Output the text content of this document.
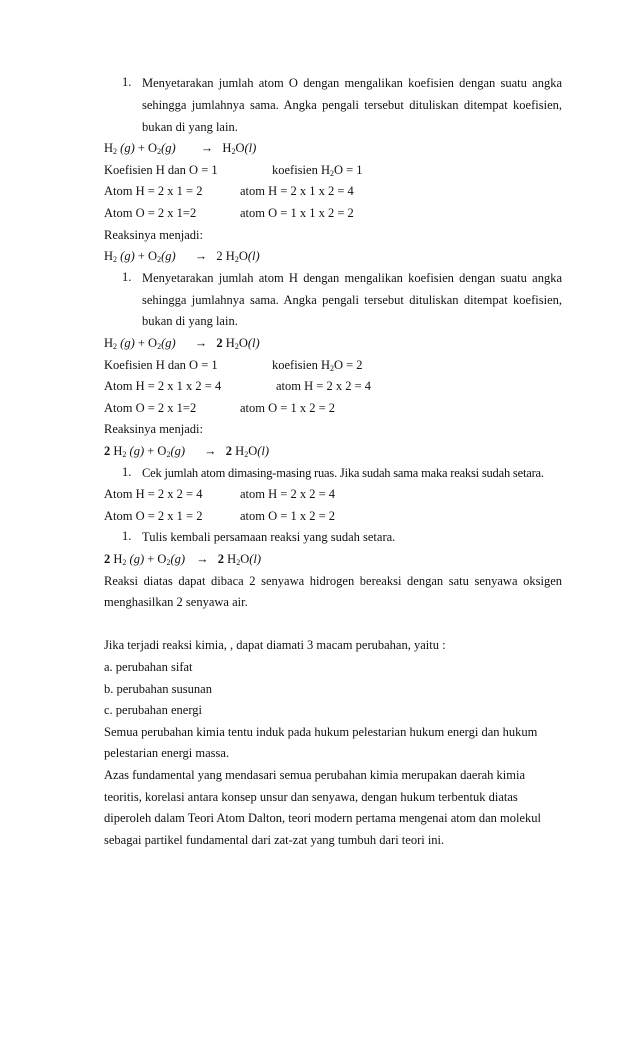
1. Menyetarakan jumlah atom O dengan mengalikan koefisien dengan suatu angka
sehingga jumlahnya sama. Angka pengali tersebut dituliskan ditempat koefisien,
bukan di yang lain.
$H_2$ $(g) + O_2(g) \to H_2O(l)$
Koefisien H dan O = 1	koefisien $H_2O = 1$
Atom H = 2 x 1 = 2	atom H = 2 x 1 x 2 = 4
Atom O = 2 x 1=2	atom O = 1 x 1 x 2 = 2
Reaksinya menjadi:
$H_2$ $(g) + O_2(g) \to 2$ $H_2O(l)$
1. Menyetarakan jumlah atom H dengan mengalikan koefisien dengan suatu angka
sehingga jumlahnya sama. Angka pengali tersebut dituliskan ditempat koefisien,
bukan di yang lain.
$H_2$ $(g) + O_2(g) \to 2$ $H_2O(l)$
Koefisien H dan O = 1	koefisien $H_2O = 2$
Atom H = 2 x 1 x 2 = 4	atom H = 2 x 2 = 4
Atom O = 2 x 1=2	atom O = 1 x 2 = 2
Reaksinya menjadi:
2 $H_2$ $(g) + O_2(g) \to 2$ $H_2O(l)$
1. Cek jumlah atom dimasing-masing ruas. Jika sudah sama maka reaksi sudah setara.
Atom H = 2 x 2 = 4	atom H = 2 x 2 = 4
Atom O = 2 x 1 = 2	atom O = 1 x 2 = 2
1. Tulis kembali persamaan reaksi yang sudah setara.
2 $H_2$ $(g) + O_2(g) \to 2$ $H_2O(l)$
Reaksi diatas dapat dibaca 2 senyawa hidrogen bereaksi dengan satu senyawa oksigen
menghasilkan 2 senyawa air.
Jika terjadi reaksi kimia, , dapat diamati 3 macam perubahan, yaitu :
a. perubahan sifat
b. perubahan susunan
c. perubahan energi
Semua perubahan kimia tentu induk pada hukum pelestarian hukum energi dan hukum
pelestarian energi massa.
Azas fundamental yang mendasari semua perubahan kimia merupakan daerah kimia
teoritis, korelasi antara konsep unsur dan senyawa, dengan hukum terbentuk diatas
diperoleh dalam Teori Atom Dalton, teori modern pertama mengenai atom dan molekul
sebagai partikel fundamental dari zat-zat yang tumbuh dari teori ini.
